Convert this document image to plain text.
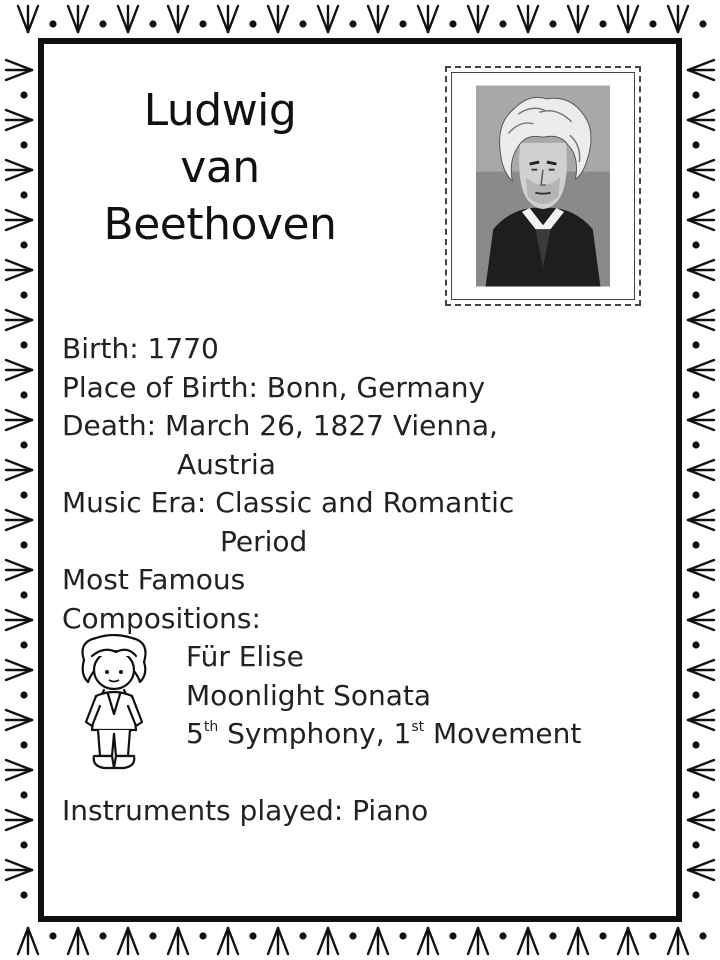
Ludwig
van
Beethoven
Birth: 1770
Place of Birth: Bonn, Germany
Death: March 26, 1827 Vienna,
Austria
Music Era: Classic and Romantic
Period
Most Famous
Compositions:
Für Elise
Moonlight Sonata
5th Symphony, 1st Movement
Instruments played: Piano
